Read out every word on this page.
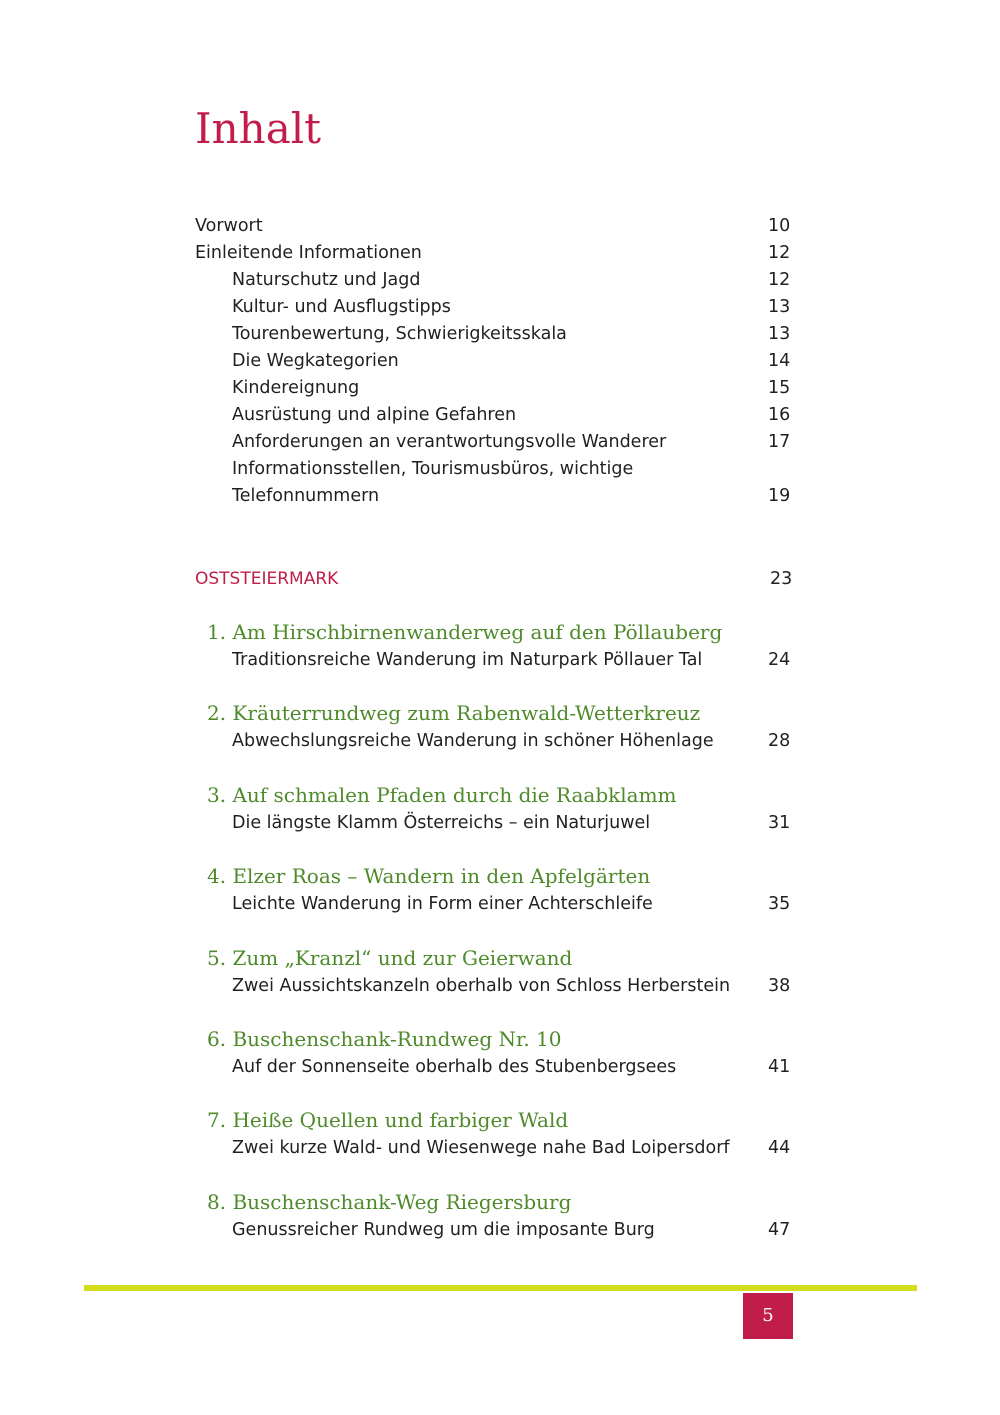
Inhalt
Vorwort	10
Einleitende Informationen	12
Naturschutz und Jagd	12
Kultur- und Ausflugstipps	13
Tourenbewertung, Schwierigkeitsskala	13
Die Wegkategorien	14
Kindereignung	15
Ausrüstung und alpine Gefahren	16
Anforderungen an verantwortungsvolle Wanderer	17
Informationsstellen, Tourismusbüros, wichtige
Telefonnummern	19
OSTSTEIERMARK	23
1. Am Hirschbirnenwanderweg auf den Pöllauberg
Traditionsreiche Wanderung im Naturpark Pöllauer Tal	24
2. Kräuterrundweg zum Rabenwald-Wetterkreuz
Abwechslungsreiche Wanderung in schöner Höhenlage	28
3. Auf schmalen Pfaden durch die Raabklamm
Die längste Klamm Österreichs – ein Naturjuwel	31
4. Elzer Roas – Wandern in den Apfelgärten
Leichte Wanderung in Form einer Achterschleife	35
5. Zum „Kranzl“ und zur Geierwand
Zwei Aussichtskanzeln oberhalb von Schloss Herberstein 38
6. Buschenschank-Rundweg Nr. 10
Auf der Sonnenseite oberhalb des Stubenbergsees	41
7. Heiße Quellen und farbiger Wald
Zwei kurze Wald- und Wiesenwege nahe Bad Loipersdorf 44
8. Buschenschank-Weg Riegersburg
Genussreicher Rundweg um die imposante Burg	47
5
